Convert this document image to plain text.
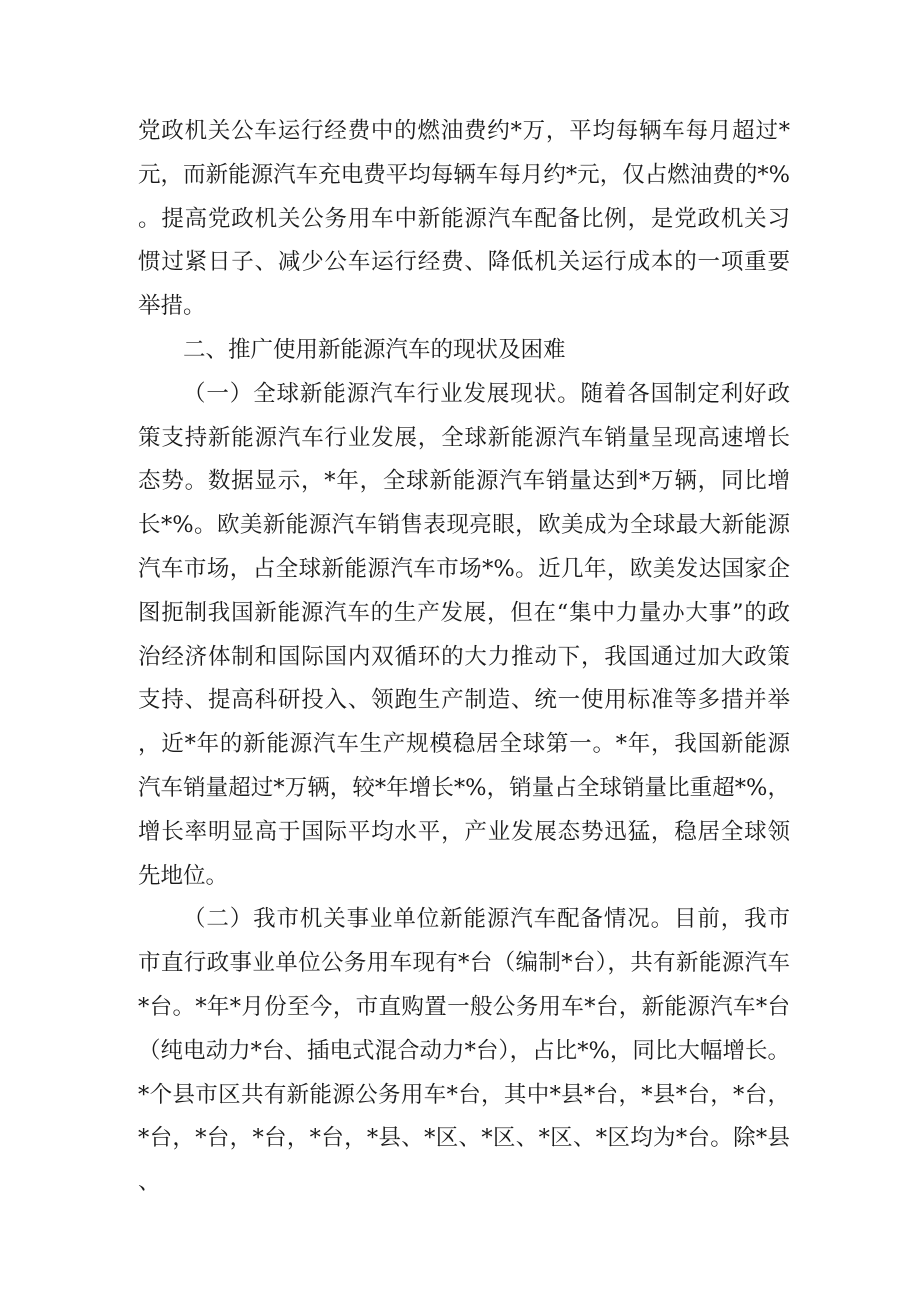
党政机关公车运行经费中的燃油费约*万，平均每辆车每月超过*元，而新能源汽车充电费平均每辆车每月约*元，仅占燃油费的*%。提高党政机关公务用车中新能源汽车配备比例，是党政机关习惯过紧日子、减少公车运行经费、降低机关运行成本的一项重要举措。

二、推广使用新能源汽车的现状及困难

（一）全球新能源汽车行业发展现状。随着各国制定利好政策支持新能源汽车行业发展，全球新能源汽车销量呈现高速增长态势。数据显示，*年，全球新能源汽车销量达到*万辆，同比增长*%。欧美新能源汽车销售表现亮眼，欧美成为全球最大新能源汽车市场，占全球新能源汽车市场*%。近几年，欧美发达国家企图扼制我国新能源汽车的生产发展，但在“集中力量办大事”的政治经济体制和国际国内双循环的大力推动下，我国通过加大政策支持、提高科研投入、领跑生产制造、统一使用标准等多措并举，近*年的新能源汽车生产规模稳居全球第一。*年，我国新能源汽车销量超过*万辆，较*年增长*%，销量占全球销量比重超*%，增长率明显高于国际平均水平，产业发展态势迅猛，稳居全球领先地位。

（二）我市机关事业单位新能源汽车配备情况。目前，我市市直行政事业单位公务用车现有*台（编制*台），共有新能源汽车*台。*年*月份至今，市直购置一般公务用车*台，新能源汽车*台（纯电动力*台、插电式混合动力*台），占比*%，同比大幅增长。*个县市区共有新能源公务用车*台，其中*县*台，*县*台，*台，*台，*台，*台，*台，*县、*区、*区、*区、*区均为*台。除*县、
